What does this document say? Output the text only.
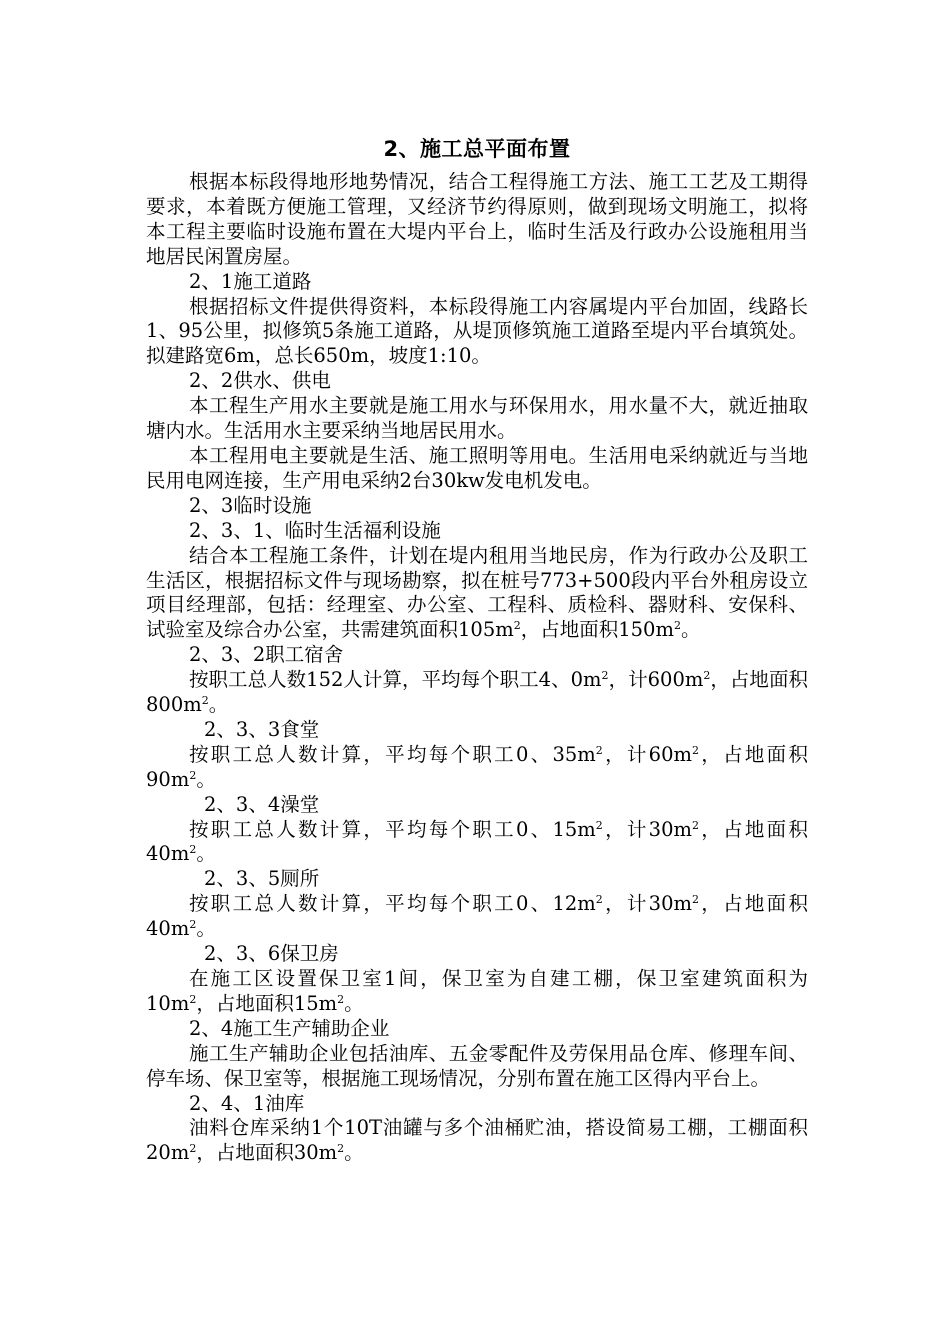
2、施工总平面布置
根据本标段得地形地势情况，结合工程得施工方法、施工工艺及工期得要求，本着既方便施工管理，又经济节约得原则，做到现场文明施工，拟将本工程主要临时设施布置在大堤内平台上，临时生活及行政办公设施租用当地居民闲置房屋。
2、1施工道路
根据招标文件提供得资料，本标段得施工内容属堤内平台加固，线路长1、95公里，拟修筑5条施工道路，从堤顶修筑施工道路至堤内平台填筑处。拟建路宽6m，总长650m，坡度1:10。
2、2供水、供电
本工程生产用水主要就是施工用水与环保用水，用水量不大，就近抽取塘内水。生活用水主要采纳当地居民用水。
本工程用电主要就是生活、施工照明等用电。生活用电采纳就近与当地民用电网连接，生产用电采纳2台30kw发电机发电。
2、3临时设施
2、3、1、临时生活福利设施
结合本工程施工条件，计划在堤内租用当地民房，作为行政办公及职工生活区，根据招标文件与现场勘察，拟在桩号773+500段内平台外租房设立项目经理部，包括：经理室、办公室、工程科、质检科、器财科、安保科、试验室及综合办公室，共需建筑面积$105m^2$，占地面积$150m^2$。
2、3、2职工宿舍
按职工总人数152人计算，平均每个职工4、$0m^2$，计$600m^2$，占地面积$800m^2$。
2、3、3食堂
按职工总人数计算，平均每个职工0、$35m^2$，计$60m^2$，占地面积$90m^2$。
2、3、4澡堂
按职工总人数计算，平均每个职工0、$15m^2$，计$30m^2$，占地面积$40m^2$。
2、3、5厕所
按职工总人数计算，平均每个职工0、$12m^2$，计$30m^2$，占地面积$40m^2$。
2、3、6保卫房
在施工区设置保卫室1间，保卫室为自建工棚，保卫室建筑面积为$10m^2$，占地面积$15m^2$。
2、4施工生产辅助企业
施工生产辅助企业包括油库、五金零配件及劳保用品仓库、修理车间、停车场、保卫室等，根据施工现场情况，分别布置在施工区得内平台上。
2、4、1油库
油料仓库采纳1个10T油罐与多个油桶贮油，搭设简易工棚，工棚面积$20m^2$，占地面积$30m^2$。
